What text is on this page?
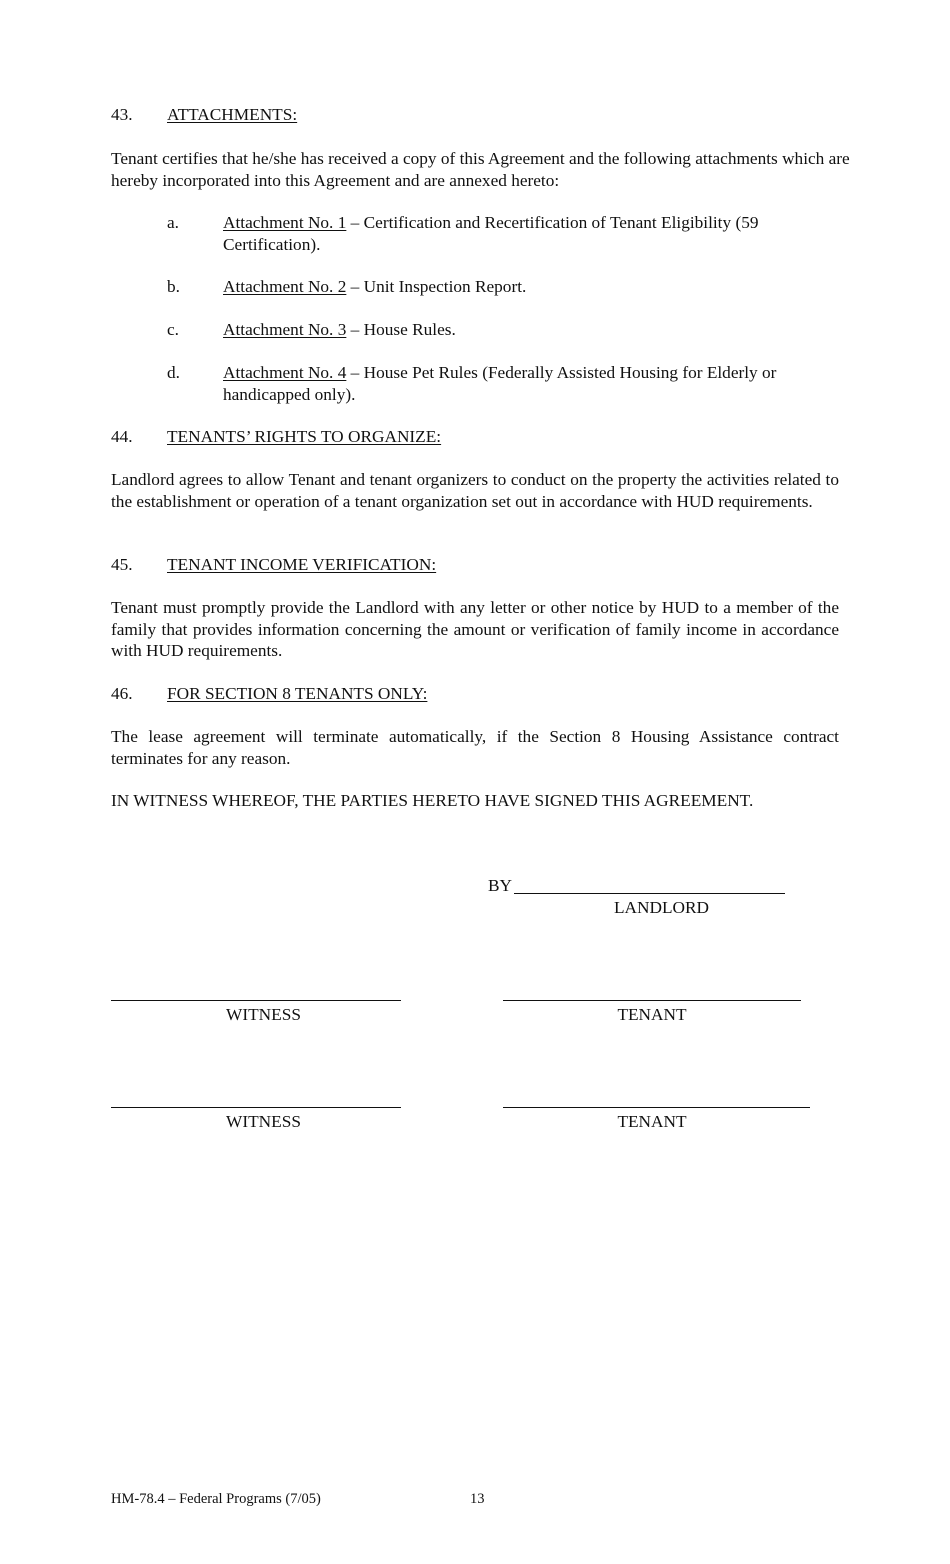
43. ATTACHMENTS:
Tenant certifies that he/she has received a copy of this Agreement and the following attachments which are hereby incorporated into this Agreement and are annexed hereto:
a.	Attachment No. 1 – Certification and Recertification of Tenant Eligibility (59 Certification).
b. Attachment No. 2 – Unit Inspection Report.
c.	Attachment No. 3 – House Rules.
d. Attachment No. 4 – House Pet Rules (Federally Assisted Housing for Elderly or handicapped only).
44. TENANTS’ RIGHTS TO ORGANIZE:
Landlord agrees to allow Tenant and tenant organizers to conduct on the property the activities related to the establishment or operation of a tenant organization set out in accordance with HUD requirements.
45. TENANT INCOME VERIFICATION:
Tenant must promptly provide the Landlord with any letter or other notice by HUD to a member of the family that provides information concerning the amount or verification of family income in accordance with HUD requirements.
46. FOR SECTION 8 TENANTS ONLY:
The lease agreement will terminate automatically, if the Section 8 Housing Assistance contract terminates for any reason.
IN WITNESS WHEREOF, THE PARTIES HERETO HAVE SIGNED THIS AGREEMENT.
BY
LANDLORD
WITNESS	TENANT
WITNESS	TENANT
HM-78.4 – Federal Programs (7/05)	13
